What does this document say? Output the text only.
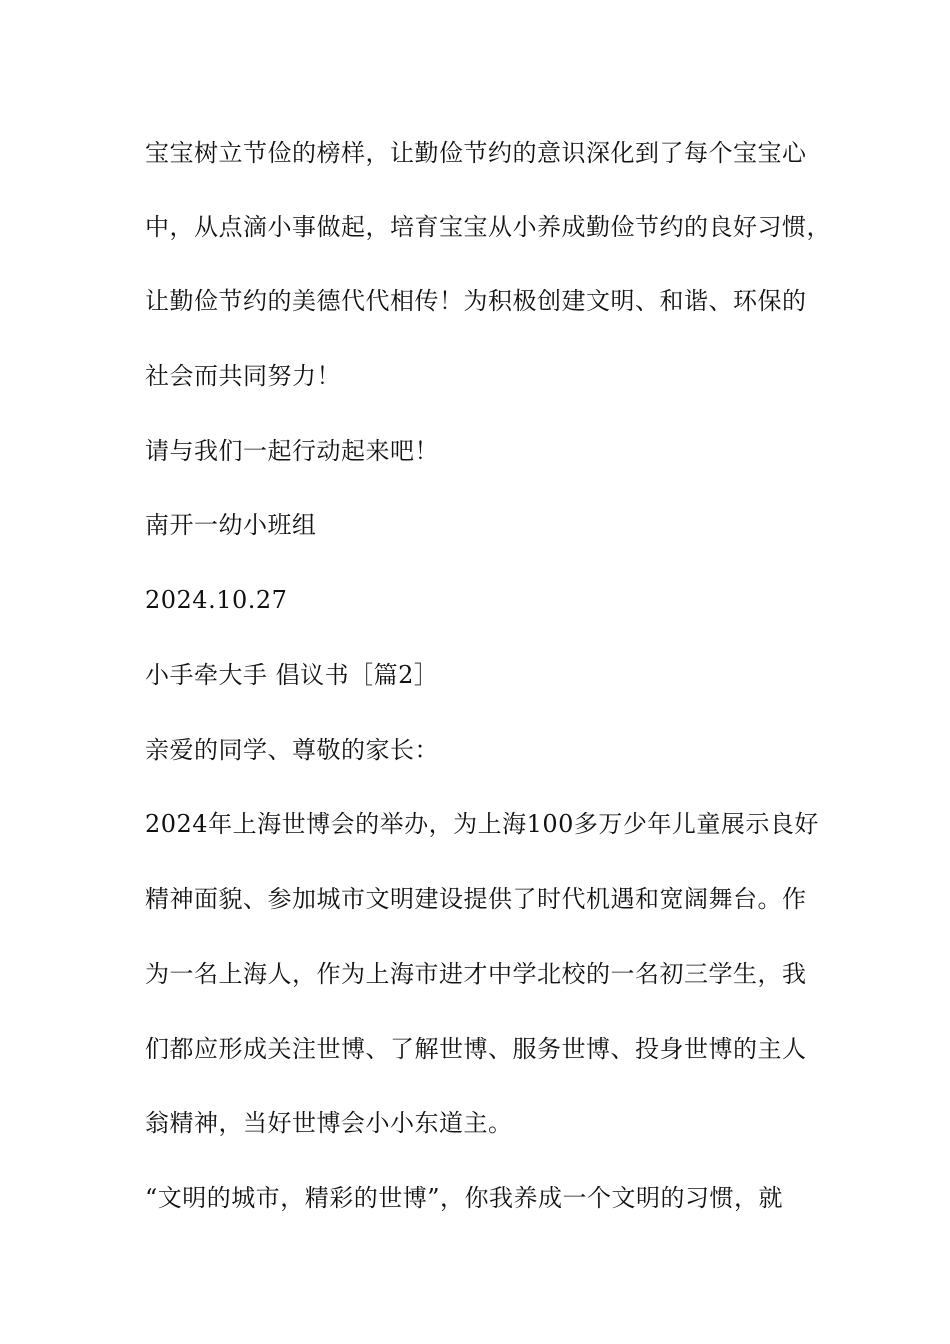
宝宝树立节俭的榜样，让勤俭节约的意识深化到了每个宝宝心
中，从点滴小事做起，培育宝宝从小养成勤俭节约的良好习惯，
让勤俭节约的美德代代相传！为积极创建文明、和谐、环保的
社会而共同努力！
请与我们一起行动起来吧！
南开一幼小班组
2024.10.27
小手牵大手 倡议书［篇2］
亲爱的同学、尊敬的家长：
2024年上海世博会的举办，为上海100多万少年儿童展示良好
精神面貌、参加城市文明建设提供了时代机遇和宽阔舞台。作
为一名上海人，作为上海市进才中学北校的一名初三学生，我
们都应形成关注世博、了解世博、服务世博、投身世博的主人
翁精神，当好世博会小小东道主。
“文明的城市，精彩的世博”，你我养成一个文明的习惯，就
